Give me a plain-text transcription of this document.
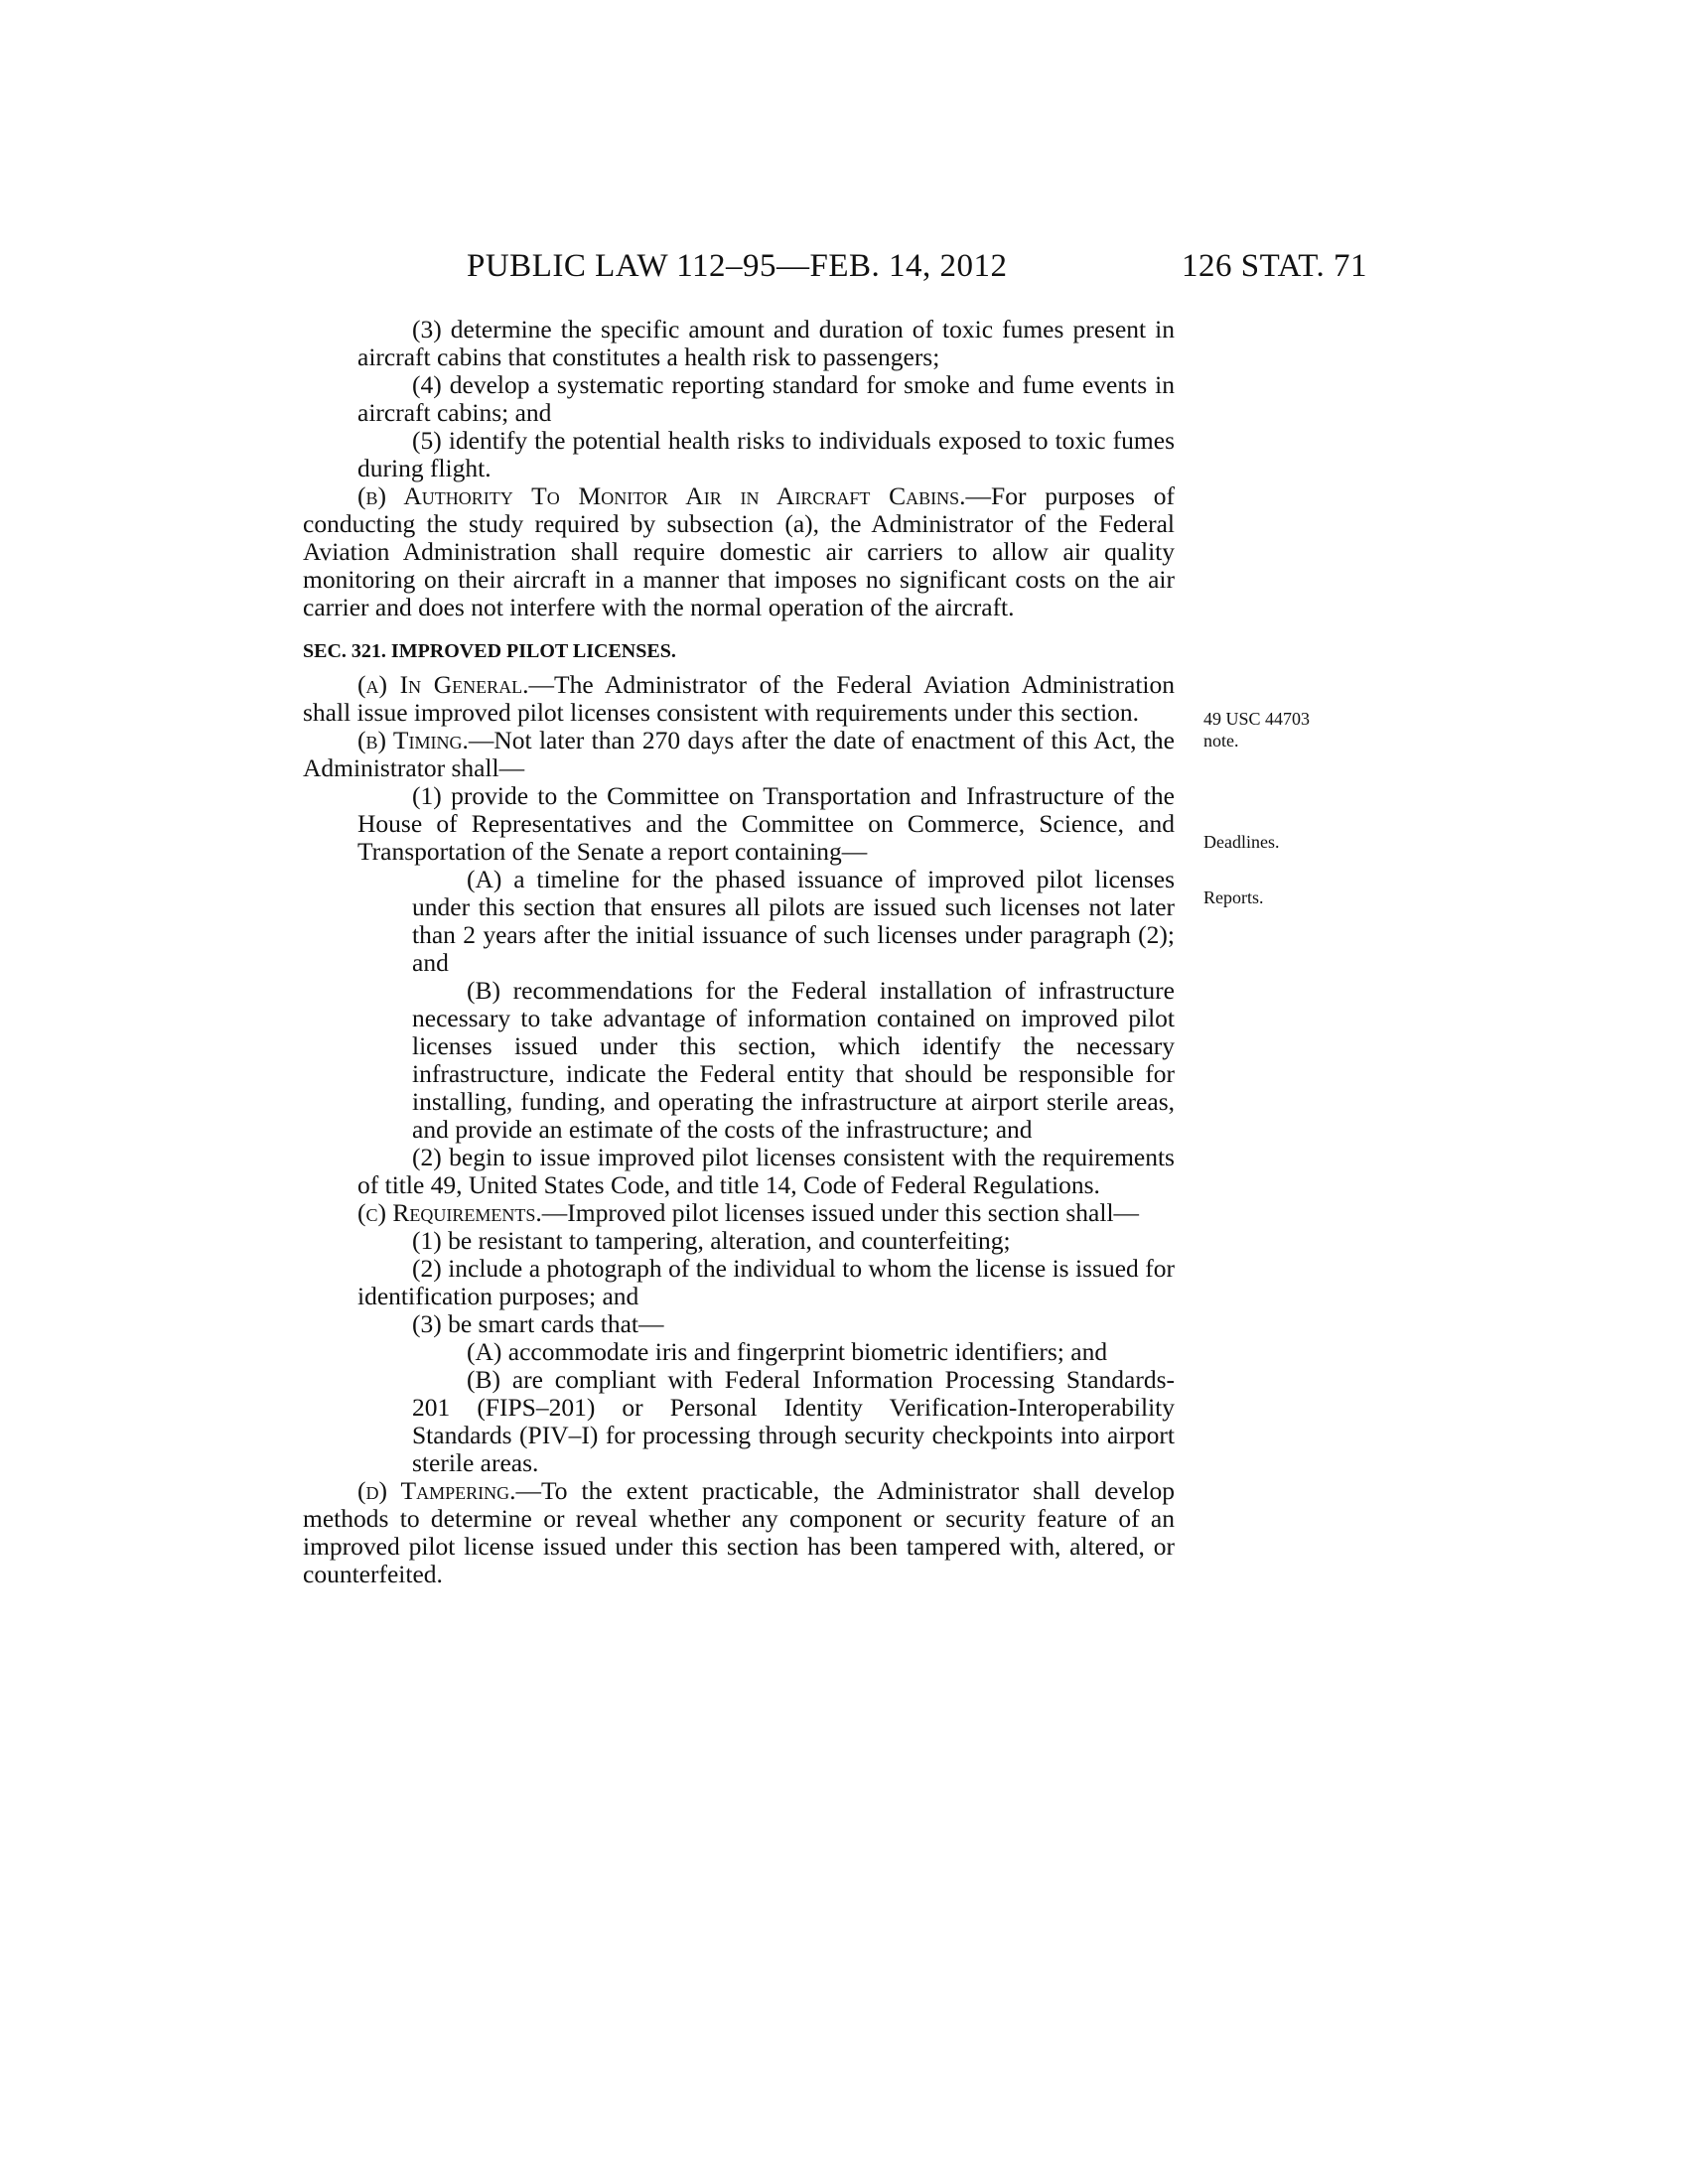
PUBLIC LAW 112–95—FEB. 14, 2012	126 STAT. 71

(3) determine the specific amount and duration of toxic fumes present in aircraft cabins that constitutes a health risk to passengers;

(4) develop a systematic reporting standard for smoke and fume events in aircraft cabins; and

(5) identify the potential health risks to individuals exposed to toxic fumes during flight.

(b) Authority To Monitor Air in Aircraft Cabins.—For purposes of conducting the study required by subsection (a), the Administrator of the Federal Aviation Administration shall require domestic air carriers to allow air quality monitoring on their aircraft in a manner that imposes no significant costs on the air carrier and does not interfere with the normal operation of the aircraft.

SEC. 321. IMPROVED PILOT LICENSES.

(a) In General.—The Administrator of the Federal Aviation Administration shall issue improved pilot licenses consistent with requirements under this section.

(b) Timing.—Not later than 270 days after the date of enactment of this Act, the Administrator shall—

(1) provide to the Committee on Transportation and Infrastructure of the House of Representatives and the Committee on Commerce, Science, and Transportation of the Senate a report containing—

(A) a timeline for the phased issuance of improved pilot licenses under this section that ensures all pilots are issued such licenses not later than 2 years after the initial issuance of such licenses under paragraph (2); and

(B) recommendations for the Federal installation of infrastructure necessary to take advantage of information contained on improved pilot licenses issued under this section, which identify the necessary infrastructure, indicate the Federal entity that should be responsible for installing, funding, and operating the infrastructure at airport sterile areas, and provide an estimate of the costs of the infrastructure; and

(2) begin to issue improved pilot licenses consistent with the requirements of title 49, United States Code, and title 14, Code of Federal Regulations.

(c) Requirements.—Improved pilot licenses issued under this section shall—

(1) be resistant to tampering, alteration, and counterfeiting;

(2) include a photograph of the individual to whom the license is issued for identification purposes; and

(3) be smart cards that—

(A) accommodate iris and fingerprint biometric identifiers; and

(B) are compliant with Federal Information Processing Standards-201 (FIPS–201) or Personal Identity Verification-Interoperability Standards (PIV–I) for processing through security checkpoints into airport sterile areas.

(d) Tampering.—To the extent practicable, the Administrator shall develop methods to determine or reveal whether any component or security feature of an improved pilot license issued under this section has been tampered with, altered, or counterfeited.

49 USC 44703
note.
Deadlines.
Reports.
